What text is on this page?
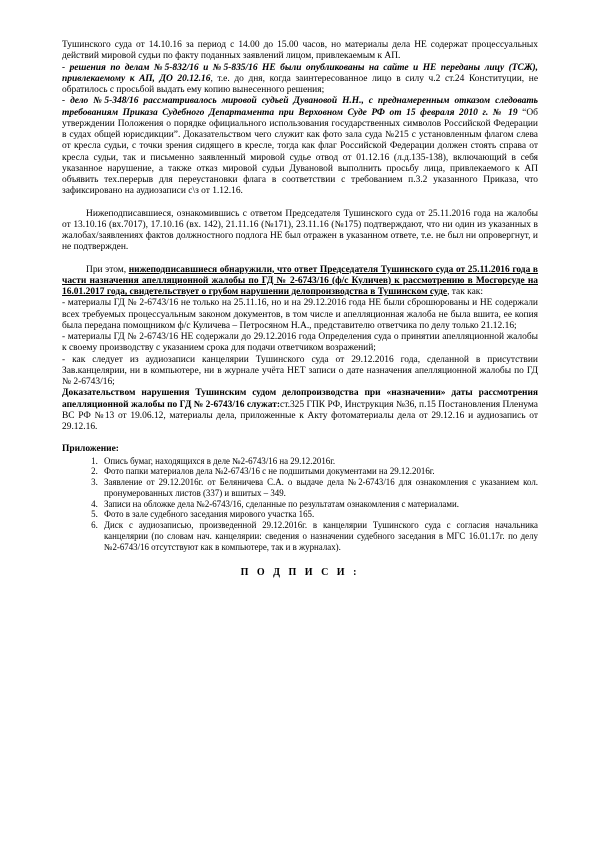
Тушинского суда от 14.10.16 за период с 14.00 до 15.00 часов, но материалы дела НЕ содержат процессуальных действий мировой судьи по факту поданных заявлений лицом, привлекаемым к АП.

- решения по делам №5-832/16 и №5-835/16 НЕ были опубликованы на сайте и НЕ переданы лицу (ТСЖ), привлекаемому к АП, ДО 20.12.16, т.е. до дня, когда заинтересованное лицо в силу ч.2 ст.24 Конституции, не обратилось с просьбой выдать ему копию вынесенного решения;

- дело №5-348/16 рассматривалось мировой судьей Дувановой Н.Н., с преднамеренным отказом следовать требованиям Приказа Судебного Департамента при Верховном Суде РФ от 15 февраля 2010 г. № 19 “Об утверждении Положения о порядке официального использования государственных символов Российской Федерации в судах общей юрисдикции”. Доказательством чего служит как фото зала суда №215 с установленным флагом слева от кресла судьи, с точки зрения сидящего в кресле, тогда как флаг Российской Федерации должен стоять справа от кресла судьи, так и письменно заявленный мировой судье отвод от 01.12.16 (л.д.135-138), включающий в себя указанное нарушение, а также отказ мировой судьи Дувановой выполнить просьбу лица, привлекаемого к АП объявить тех.перерыв для переустановки флага в соответствии с требованием п.3.2 указанного Приказа, что зафиксировано на аудиозаписи с\з от 1.12.16.

Нижеподписавшиеся, ознакомившись с ответом Председателя Тушинского суда от 25.11.2016 года на жалобы от 13.10.16 (вх.7017), 17.10.16 (вх. 142), 21.11.16 (№171), 23.11.16 (№175) подтверждают, что ни один из указанных в жалобах/заявлениях фактов должностного подлога НЕ был отражен в указанном ответе, т.е. не был ни опровергнут, и не подтвержден.

При этом, нижеподписавшиеся обнаружили, что ответ Председателя Тушинского суда от 25.11.2016 года в части назначения апелляционной жалобы по ГД № 2-6743/16 (ф/с Куличев) к рассмотрению в Мосгорсуде на 16.01.2017 года, свидетельствует о грубом нарушении делопроизводства в Тушинском суде, так как:

- материалы ГД № 2-6743/16 не только на 25.11.16, но и на 29.12.2016 года НЕ были сброшюрованы и НЕ содержали всех требуемых процессуальным законом документов, в том числе и апелляционная жалоба не была вшита, ее копия была передана помощником ф/с Куличева – Петросяном Н.А., представителю ответчика по делу только 21.12.16;

- материалы ГД № 2-6743/16 НЕ содержали до 29.12.2016 года Определения суда о принятии апелляционной жалобы к своему производству с указанием срока для подачи ответчиком возражений;

- как следует из аудиозаписи канцелярии Тушинского суда от 29.12.2016 года, сделанной в присутствии Зав.канцелярии, ни в компьютере, ни в журнале учёта НЕТ записи о дате назначения апелляционной жалобы по ГД № 2-6743/16;

Доказательством нарушения Тушинским судом делопроизводства при «назначении» даты рассмотрения апелляционной жалобы по ГД № 2-6743/16 служат:ст.325 ГПК РФ, Инструкция №36, п.15 Постановления Пленума ВС РФ №13 от 19.06.12, материалы дела, приложенные к Акту фотоматериалы дела от 29.12.16 и аудиозапись от 29.12.16.

Приложение:

1. Опись бумаг, находящихся в деле №2-6743/16 на 29.12.2016г.
2. Фото папки материалов дела №2-6743/16 с не подшитыми документами на 29.12.2016г.
3. Заявление от 29.12.2016г. от Беляничева С.А. о выдаче дела №2-6743/16 для ознакомления с указанием кол. пронумерованных листов (337) и вшитых – 349.
4. Записи на обложке дела №2-6743/16, сделанные по результатам ознакомления с материалами.
5. Фото в зале судебного заседания мирового участка 165.
6. Диск с аудиозаписью, произведенной 29.12.2016г. в канцелярии Тушинского суда с согласия начальника канцелярии (по словам нач. канцелярии: сведения о назначении судебного заседания в МГС 16.01.17г. по делу №2-6743/16 отсутствуют как в компьютере, так и в журналах).
П О Д П И С И :
